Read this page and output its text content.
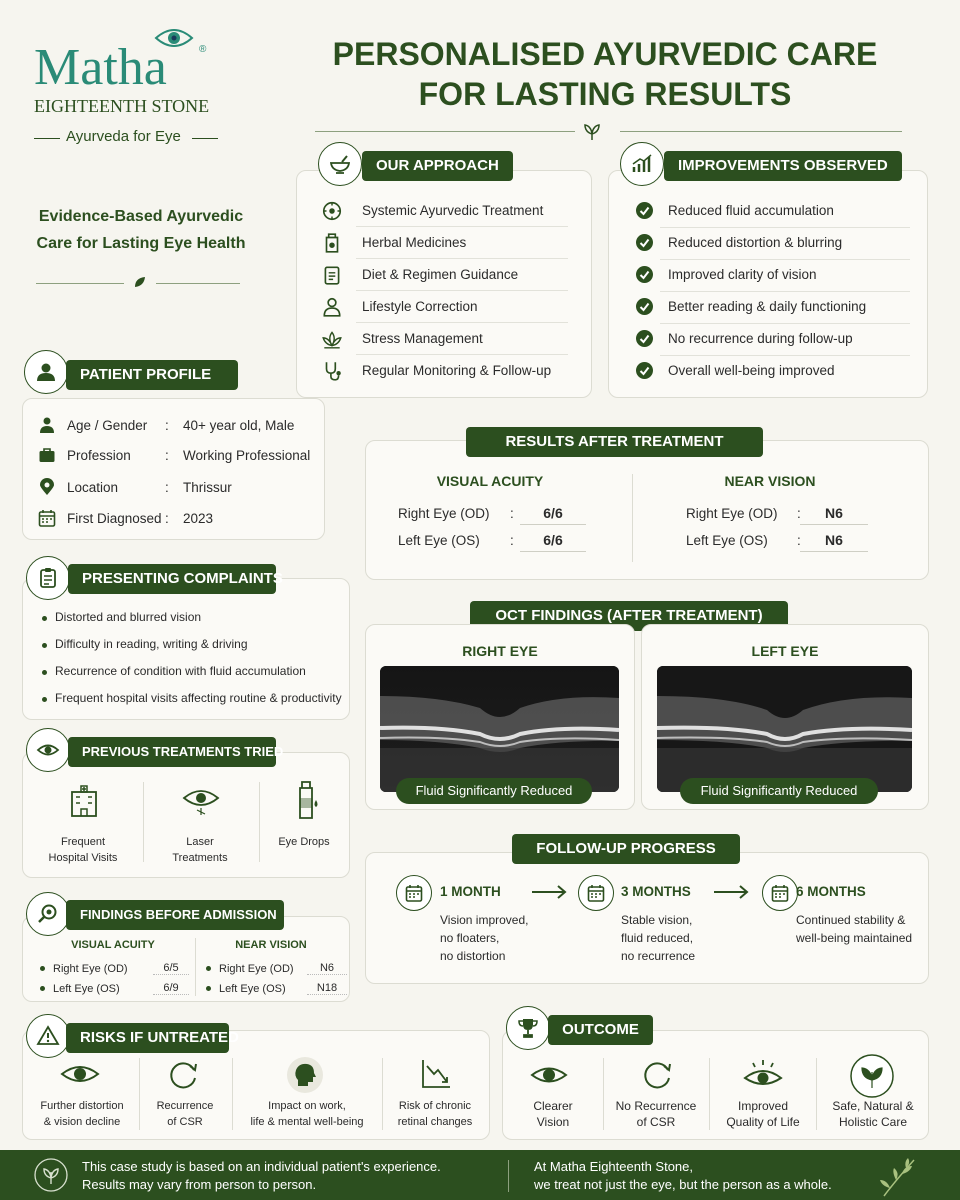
Matha	®
EIGHTEENTH STONE
Ayurveda for Eye
PERSONALISED AYURVEDIC CARE
FOR LASTING RESULTS
Evidence-Based Ayurvedic
Care for Lasting Eye Health
OUR APPROACH
Systemic Ayurvedic Treatment
Herbal Medicines
Diet & Regimen Guidance
Lifestyle Correction
Stress Management
Regular Monitoring & Follow-up
IMPROVEMENTS OBSERVED
Reduced fluid accumulation
Reduced distortion & blurring
Improved clarity of vision
Better reading & daily functioning
No recurrence during follow-up
Overall well-being improved
PATIENT PROFILE
Age / Gender : 40+ year old, Male
Profession	: Working Professional
Location	: Thrissur
First Diagnosed : 2023
RESULTS AFTER TREATMENT
VISUAL ACUITY	NEAR VISION
Right Eye (OD) :	6/6
Left Eye (OS) :	6/6
Right Eye (OD) :	N6
Left Eye (OS) :	N6
PRESENTING COMPLAINTS
Distorted and blurred vision
Difficulty in reading, writing & driving
Recurrence of condition with fluid accumulation
Frequent hospital visits affecting routine & productivity
OCT FINDINGS (AFTER TREATMENT)
RIGHT EYE	LEFT EYE
Fluid Significantly Reduced	Fluid Significantly Reduced
PREVIOUS TREATMENTS TRIED
Frequent
Hospital Visits
Laser
Treatments
Eye Drops	FOLLOW-UP PROGRESS
1 MONTH
Vision improved,
no floaters,
no distortion
3 MONTHS
Stable vision,
fluid reduced,
no recurrence
6 MONTHS
Continued stability &
well-being maintained
FINDINGS BEFORE ADMISSION
VISUAL ACUITY	NEAR VISION
Right Eye (OD)	6/5
Left Eye (OS)	6/9
Right Eye (OD)	N6
Left Eye (OS)	N18
RISKS IF UNTREATED
Further distortion
& vision decline
Recurrence
of CSR
Impact on work,
life & mental well-being
Risk of chronic
retinal changes
OUTCOME
Clearer
Vision
No Recurrence
of CSR
Improved
Quality of Life
Safe, Natural &
Holistic Care
This case study is based on an individual patient's experience.
Results may vary from person to person.
At Matha Eighteenth Stone,
we treat not just the eye, but the person as a whole.
